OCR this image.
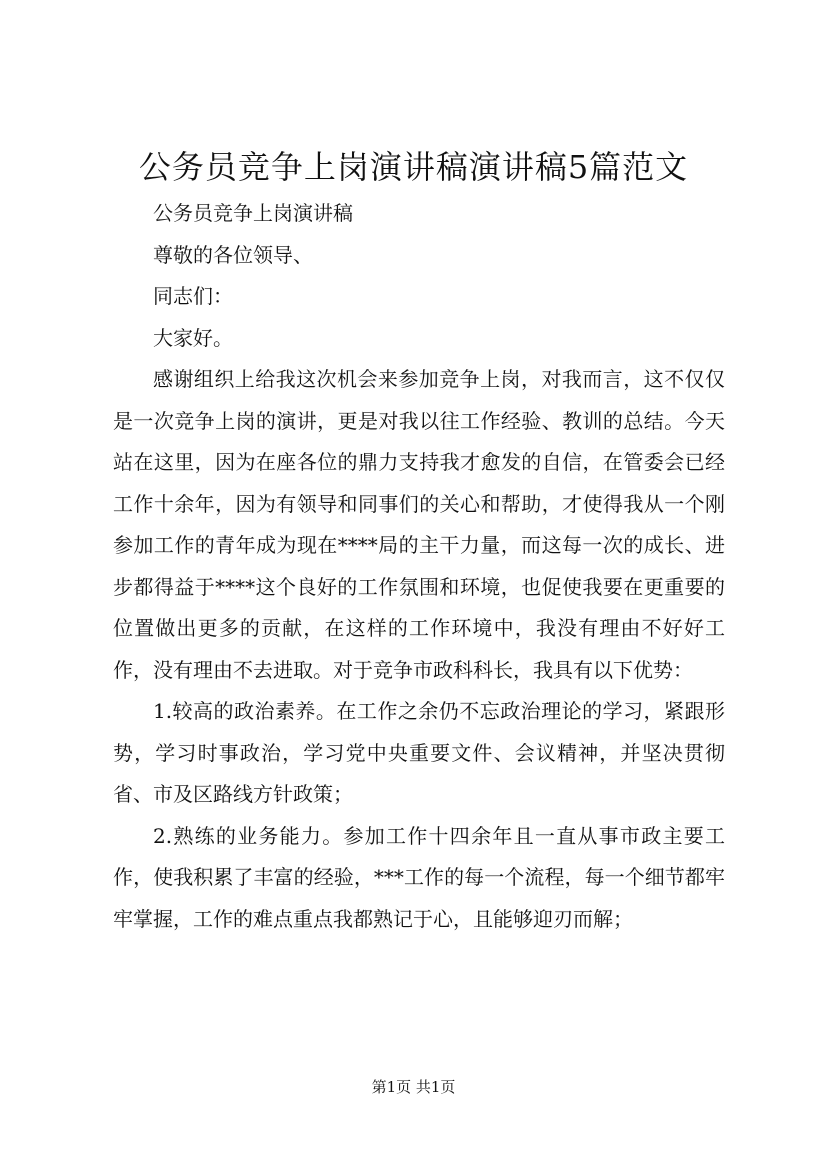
公务员竞争上岗演讲稿演讲稿5篇范文

公务员竞争上岗演讲稿

尊敬的各位领导、

同志们：

大家好。

感谢组织上给我这次机会来参加竞争上岗，对我而言，这不仅仅是一次竞争上岗的演讲，更是对我以往工作经验、教训的总结。今天站在这里，因为在座各位的鼎力支持我才愈发的自信，在管委会已经工作十余年，因为有领导和同事们的关心和帮助，才使得我从一个刚参加工作的青年成为现在****局的主干力量，而这每一次的成长、进步都得益于****这个良好的工作氛围和环境，也促使我要在更重要的位置做出更多的贡献，在这样的工作环境中，我没有理由不好好工作，没有理由不去进取。对于竞争市政科科长，我具有以下优势：

1.较高的政治素养。在工作之余仍不忘政治理论的学习，紧跟形势，学习时事政治，学习党中央重要文件、会议精神，并坚决贯彻省、市及区路线方针政策；

2.熟练的业务能力。参加工作十四余年且一直从事市政主要工作，使我积累了丰富的经验，***工作的每一个流程，每一个细节都牢牢掌握，工作的难点重点我都熟记于心，且能够迎刃而解；

第1页 共1页
